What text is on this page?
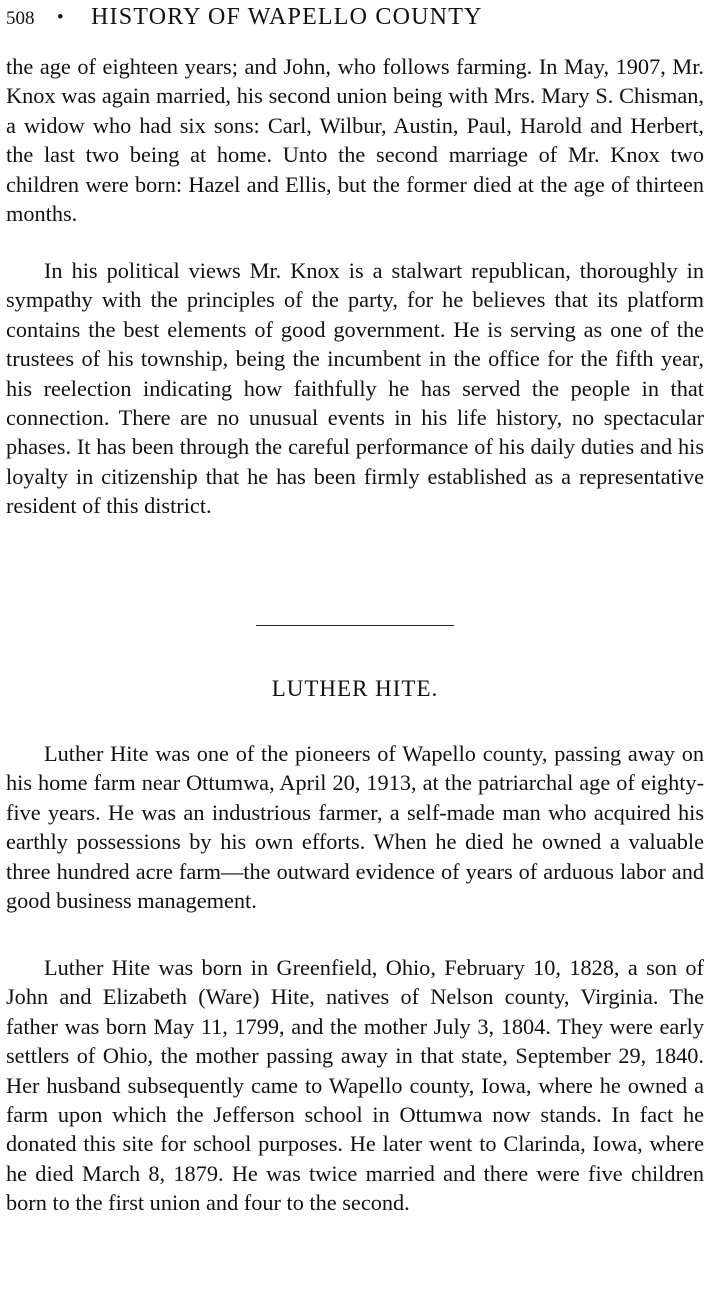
508 • HISTORY OF WAPELLO COUNTY

the age of eighteen years; and John, who follows farming. In May, 1907, Mr. Knox was again married, his second union being with Mrs. Mary S. Chisman, a widow who had six sons: Carl, Wilbur, Austin, Paul, Harold and Herbert, the last two being at home. Unto the second marriage of Mr. Knox two children were born: Hazel and Ellis, but the former died at the age of thirteen months.

In his political views Mr. Knox is a stalwart republican, thoroughly in sympathy with the principles of the party, for he believes that its platform contains the best elements of good government. He is serving as one of the trustees of his township, being the incumbent in the office for the fifth year, his reelection indicating how faithfully he has served the people in that connection. There are no unusual events in his life history, no spectacular phases. It has been through the careful performance of his daily duties and his loyalty in citizenship that he has been firmly established as a representative resident of this district.

LUTHER HITE.

Luther Hite was one of the pioneers of Wapello county, passing away on his home farm near Ottumwa, April 20, 1913, at the patriarchal age of eighty-five years. He was an industrious farmer, a self-made man who acquired his earthly possessions by his own efforts. When he died he owned a valuable three hundred acre farm—the outward evidence of years of arduous labor and good business management.

Luther Hite was born in Greenfield, Ohio, February 10, 1828, a son of John and Elizabeth (Ware) Hite, natives of Nelson county, Virginia. The father was born May 11, 1799, and the mother July 3, 1804. They were early settlers of Ohio, the mother passing away in that state, September 29, 1840. Her husband subsequently came to Wapello county, Iowa, where he owned a farm upon which the Jefferson school in Ottumwa now stands. In fact he donated this site for school purposes. He later went to Clarinda, Iowa, where he died March 8, 1879. He was twice married and there were five children born to the first union and four to the second.
